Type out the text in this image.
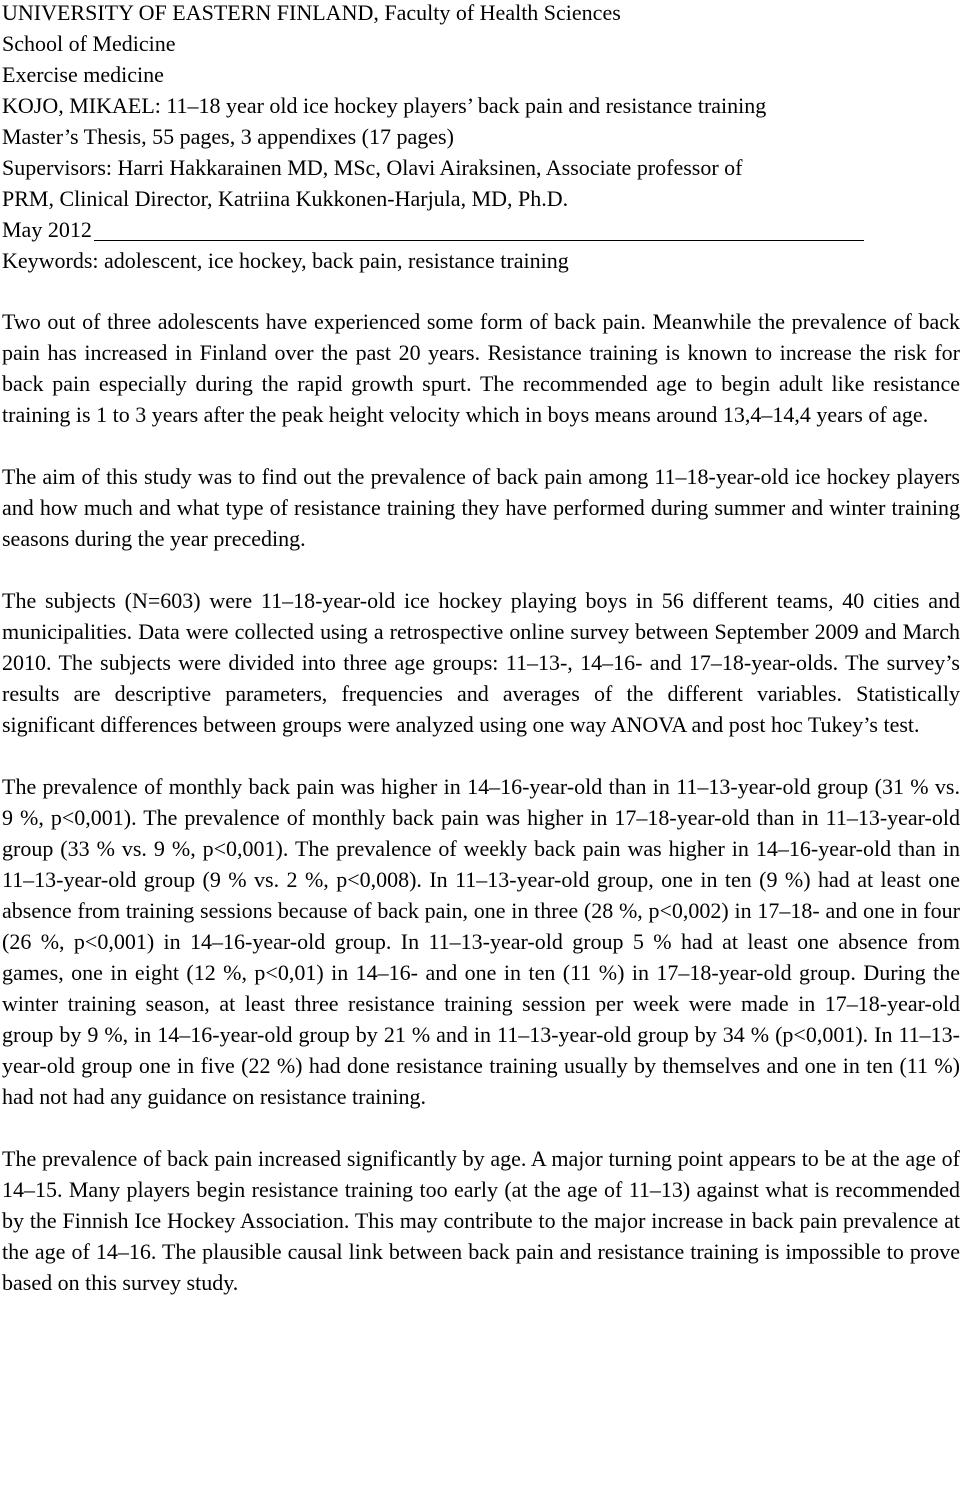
UNIVERSITY OF EASTERN FINLAND, Faculty of Health Sciences
School of Medicine
Exercise medicine
KOJO, MIKAEL: 11–18 year old ice hockey players’ back pain and resistance training
Master’s Thesis, 55 pages, 3 appendixes (17 pages)
Supervisors: Harri Hakkarainen MD, MSc, Olavi Airaksinen, Associate professor of
PRM, Clinical Director, Katriina Kukkonen-Harjula, MD, Ph.D.
May 2012
Keywords: adolescent, ice hockey, back pain, resistance training

Two out of three adolescents have experienced some form of back pain. Meanwhile the prevalence of back pain has increased in Finland over the past 20 years. Resistance training is known to increase the risk for back pain especially during the rapid growth spurt. The recommended age to begin adult like resistance training is 1 to 3 years after the peak height velocity which in boys means around 13,4–14,4 years of age.

The aim of this study was to find out the prevalence of back pain among 11–18-year-old ice hockey players and how much and what type of resistance training they have performed during summer and winter training seasons during the year preceding.

The subjects (N=603) were 11–18-year-old ice hockey playing boys in 56 different teams, 40 cities and municipalities. Data were collected using a retrospective online survey between September 2009 and March 2010. The subjects were divided into three age groups: 11–13-, 14–16- and 17–18-year-olds. The survey’s results are descriptive parameters, frequencies and averages of the different variables. Statistically significant differences between groups were analyzed using one way ANOVA and post hoc Tukey’s test.

The prevalence of monthly back pain was higher in 14–16-year-old than in 11–13-year-old group (31 % vs. 9 %, p<0,001). The prevalence of monthly back pain was higher in 17–18-year-old than in 11–13-year-old group (33 % vs. 9 %, p<0,001). The prevalence of weekly back pain was higher in 14–16-year-old than in 11–13-year-old group (9 % vs. 2 %, p<0,008). In 11–13-year-old group, one in ten (9 %) had at least one absence from training sessions because of back pain, one in three (28 %, p<0,002) in 17–18- and one in four (26 %, p<0,001) in 14–16-year-old group. In 11–13-year-old group 5 % had at least one absence from games, one in eight (12 %, p<0,01) in 14–16- and one in ten (11 %) in 17–18-year-old group. During the winter training season, at least three resistance training session per week were made in 17–18-year-old group by 9 %, in 14–16-year-old group by 21 % and in 11–13-year-old group by 34 % (p<0,001). In 11–13-year-old group one in five (22 %) had done resistance training usually by themselves and one in ten (11 %) had not had any guidance on resistance training.

The prevalence of back pain increased significantly by age. A major turning point appears to be at the age of 14–15. Many players begin resistance training too early (at the age of 11–13) against what is recommended by the Finnish Ice Hockey Association. This may contribute to the major increase in back pain prevalence at the age of 14–16. The plausible causal link between back pain and resistance training is impossible to prove based on this survey study.
